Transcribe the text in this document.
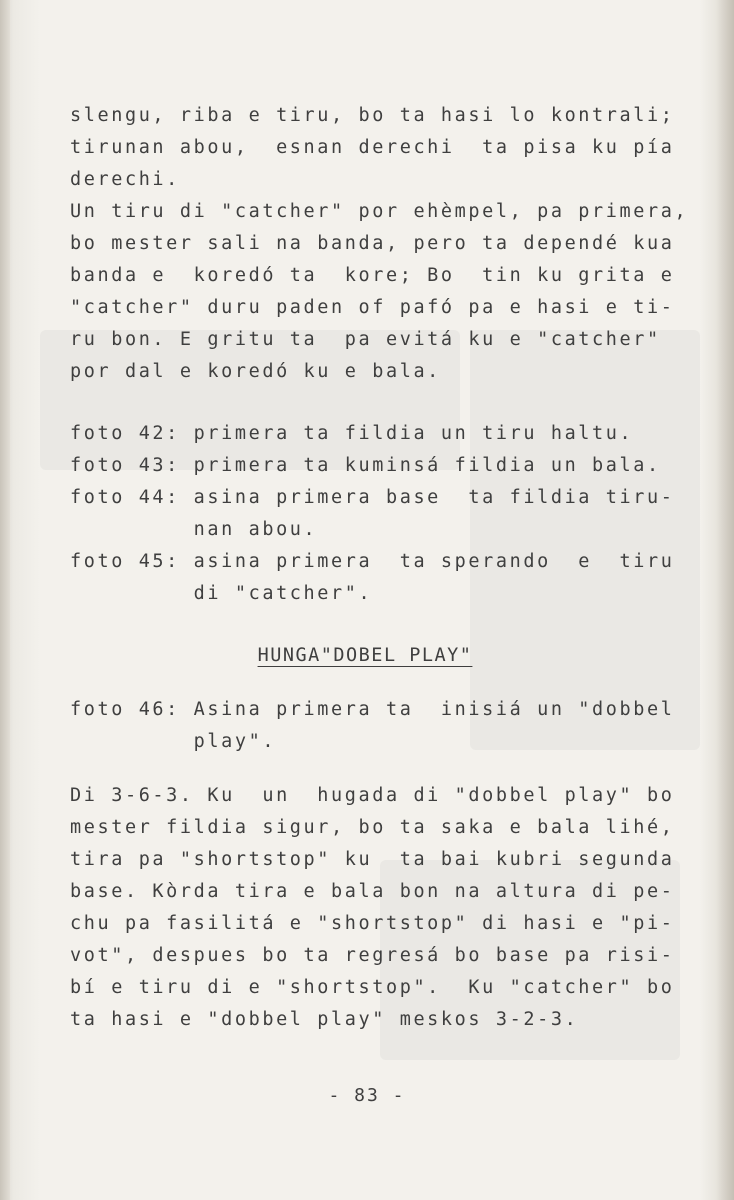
slengu, riba e tiru, bo ta hasi lo kontrali;
tirunan abou,  esnan derechi  ta pisa ku pía
derechi.
Un tiru di "catcher" por ehèmpel, pa primera,
bo mester sali na banda, pero ta dependé kua
banda e  koredó ta  kore; Bo  tin ku grita e
"catcher" duru paden of pafó pa e hasi e ti-
ru bon. E gritu ta  pa evitá ku e "catcher"
por dal e koredó ku e bala.
foto 42: primera ta fildia un tiru haltu.
foto 43: primera ta kuminsá fildia un bala.
foto 44: asina primera base  ta fildia tiru-
nan abou.
foto 45: asina primera  ta sperando  e  tiru
di "catcher".
HUNGA"DOBEL PLAY"
foto 46: Asina primera ta  inisiá un "dobbel
play".
Di 3-6-3. Ku  un  hugada di "dobbel play" bo
mester fildia sigur, bo ta saka e bala lihé,
tira pa "shortstop" ku  ta bai kubri segunda
base. Kòrda tira e bala bon na altura di pe-
chu pa fasilitá e "shortstop" di hasi e "pi-
vot", despues bo ta regresá bo base pa risi-
bí e tiru di e "shortstop".  Ku "catcher" bo
ta hasi e "dobbel play" meskos 3-2-3.
- 83 -
